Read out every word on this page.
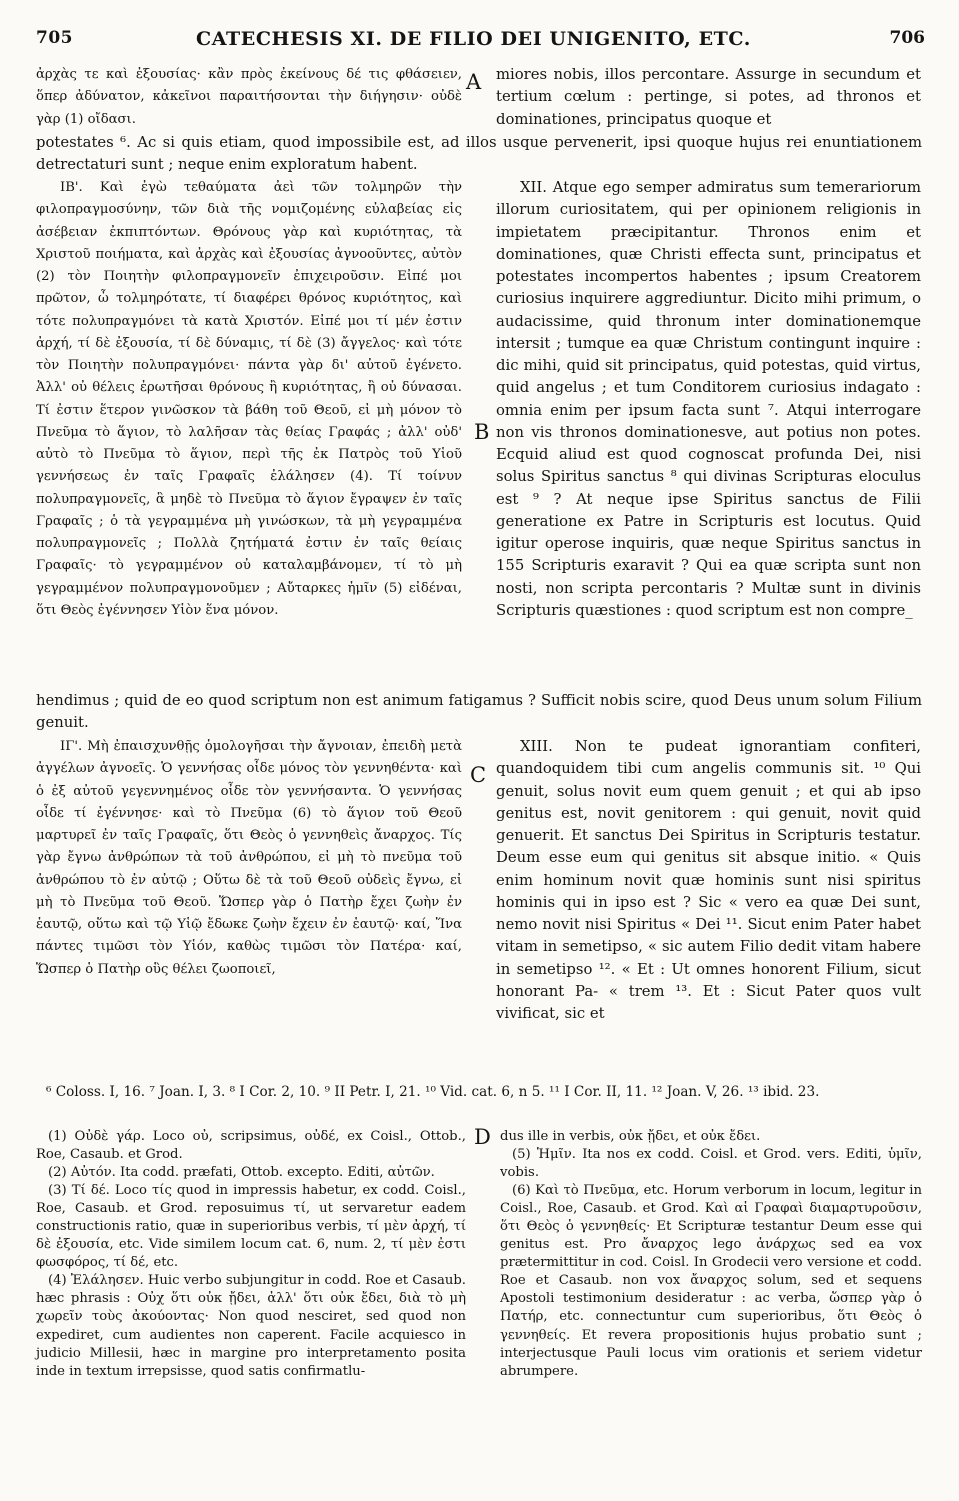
705	CATECHESIS XI. DE FILIO DEI UNIGENITO, ETC.	706
A
B
C
D
ἀρχὰς τε καὶ ἐξουσίας· κἂν πρὸς ἐκείνους δέ τις φθάσειεν, ὅπερ ἀδύνατον, κἀκεῖνοι παραιτήσονται τὴν διήγησιν· οὐδὲ γὰρ (1) οἴδασι.
miores nobis, illos percontare. Assurge in secundum et tertium cœlum : pertinge, si potes, ad thronos et dominationes, principatus quoque et
potestates ⁶. Ac si quis etiam, quod impossibile est, ad illos usque pervenerit, ipsi quoque hujus rei enuntiationem detrectaturi sunt ; neque enim exploratum habent.
ΙΒ'. Καὶ ἐγὼ τεθαύματα ἀεὶ τῶν τολμηρῶν τὴν φιλοπραγμοσύνην, τῶν διὰ τῆς νομιζομένης εὐλαβείας εἰς ἀσέβειαν ἐκπιπτόντων. Θρόνους γὰρ καὶ κυριότητας, τὰ Χριστοῦ ποιήματα, καὶ ἀρχὰς καὶ ἐξουσίας ἀγνοοῦντες, αὐτὸν (2) τὸν Ποιητὴν φιλοπραγμονεῖν ἐπιχειροῦσιν. Εἰπέ μοι πρῶτον, ὦ τολμηρότατε, τί διαφέρει θρόνος κυριότητος, καὶ τότε πολυπραγμόνει τὰ κατὰ Χριστόν. Εἰπέ μοι τί μέν ἐστιν ἀρχή, τί δὲ ἐξουσία, τί δὲ δύναμις, τί δὲ (3) ἄγγελος· καὶ τότε τὸν Ποιητὴν πολυπραγμόνει· πάντα γὰρ δι' αὐτοῦ ἐγένετο. Ἀλλ' οὐ θέλεις ἐρωτῆσαι θρόνους ἢ κυριότητας, ἢ οὐ δύνασαι. Τί ἐστιν ἕτερον γινῶσκον τὰ βάθη τοῦ Θεοῦ, εἰ μὴ μόνον τὸ Πνεῦμα τὸ ἅγιον, τὸ λαλῆσαν τὰς θείας Γραφάς ; ἀλλ' οὐδ' αὐτὸ τὸ Πνεῦμα τὸ ἅγιον, περὶ τῆς ἐκ Πατρὸς τοῦ Υἱοῦ γεννήσεως ἐν ταῖς Γραφαῖς ἐλάλησεν (4). Τί τοίνυν πολυπραγμονεῖς, ἃ μηδὲ τὸ Πνεῦμα τὸ ἅγιον ἔγραψεν ἐν ταῖς Γραφαῖς ; ὁ τὰ γεγραμμένα μὴ γινώσκων, τὰ μὴ γεγραμμένα πολυπραγμονεῖς ; Πολλὰ ζητήματά ἐστιν ἐν ταῖς θείαις Γραφαῖς· τὸ γεγραμμένον οὐ καταλαμβάνομεν, τί τὸ μὴ γεγραμμένον πολυπραγμονοῦμεν ; Αὔταρκες ἡμῖν (5) εἰδέναι, ὅτι Θεὸς ἐγέννησεν Υἱὸν ἕνα μόνον.
XII. Atque ego semper admiratus sum temerariorum illorum curiositatem, qui per opinionem religionis in impietatem præcipitantur. Thronos enim et dominationes, quæ Christi effecta sunt, principatus et potestates incompertos habentes ; ipsum Creatorem curiosius inquirere aggrediuntur. Dicito mihi primum, o audacissime, quid thronum inter dominationemque intersit ; tumque ea quæ Christum contingunt inquire : dic mihi, quid sit principatus, quid potestas, quid virtus, quid angelus ; et tum Conditorem curiosius indagato : omnia enim per ipsum facta sunt ⁷. Atqui interrogare non vis thronos dominationesve, aut potius non potes. Ecquid aliud est quod cognoscat profunda Dei, nisi solus Spiritus sanctus ⁸ qui divinas Scripturas eloculus est ⁹ ? At neque ipse Spiritus sanctus de Filii generatione ex Patre in Scripturis est locutus. Quid igitur operose inquiris, quæ neque Spiritus sanctus in 155 Scripturis exaravit ? Qui ea quæ scripta sunt non nosti, non scripta percontaris ? Multæ sunt in divinis Scripturis quæstiones : quod scriptum est non compre_
hendimus ; quid de eo quod scriptum non est animum fatigamus ? Sufficit nobis scire, quod Deus unum solum Filium genuit.
ΙΓ'. Μὴ ἐπαισχυνθῇς ὁμολογῆσαι τὴν ἄγνοιαν, ἐπειδὴ μετὰ ἀγγέλων ἀγνοεῖς. Ὁ γεννήσας οἶδε μόνος τὸν γεννηθέντα· καὶ ὁ ἐξ αὐτοῦ γεγεννημένος οἶδε τὸν γεννήσαντα. Ὁ γεννήσας οἶδε τί ἐγέννησε· καὶ τὸ Πνεῦμα (6) τὸ ἅγιον τοῦ Θεοῦ μαρτυρεῖ ἐν ταῖς Γραφαῖς, ὅτι Θεὸς ὁ γεννηθεὶς ἄναρχος. Τίς γὰρ ἔγνω ἀνθρώπων τὰ τοῦ ἀνθρώπου, εἰ μὴ τὸ πνεῦμα τοῦ ἀνθρώπου τὸ ἐν αὐτῷ ; Οὕτω δὲ τὰ τοῦ Θεοῦ οὐδεὶς ἔγνω, εἰ μὴ τὸ Πνεῦμα τοῦ Θεοῦ. Ὥσπερ γὰρ ὁ Πατὴρ ἔχει ζωὴν ἐν ἑαυτῷ, οὕτω καὶ τῷ Υἱῷ ἔδωκε ζωὴν ἔχειν ἐν ἑαυτῷ· καί, Ἵνα πάντες τιμῶσι τὸν Υἱόν, καθὼς τιμῶσι τὸν Πατέρα· καί, Ὥσπερ ὁ Πατὴρ οὓς θέλει ζωοποιεῖ,
XIII. Non te pudeat ignorantiam confiteri, quandoquidem tibi cum angelis communis sit. ¹⁰ Qui genuit, solus novit eum quem genuit ; et qui ab ipso genitus est, novit genitorem : qui genuit, novit quid genuerit. Et sanctus Dei Spiritus in Scripturis testatur. Deum esse eum qui genitus sit absque initio. « Quis enim hominum novit quæ hominis sunt nisi spiritus hominis qui in ipso est ? Sic « vero ea quæ Dei sunt, nemo novit nisi Spiritus « Dei ¹¹. Sicut enim Pater habet vitam in semetipso, « sic autem Filio dedit vitam habere in semetipso ¹². « Et : Ut omnes honorent Filium, sicut honorant Pa- « trem ¹³. Et : Sicut Pater quos vult vivificat, sic et
⁶ Coloss. I, 16. ⁷ Joan. I, 3. ⁸ I Cor. 2, 10. ⁹ II Petr. I, 21. ¹⁰ Vid. cat. 6, n 5. ¹¹ I Cor. II, 11. ¹² Joan. V, 26. ¹³ ibid. 23.

(1) Οὐδὲ γάρ. Loco οὐ, scripsimus, οὐδέ, ex Coisl., Ottob., Roe, Casaub. et Grod.

(2) Αὐτόν. Ita codd. præfati, Ottob. excepto. Editi, αὐτῶν.

(3) Τί δέ. Loco τίς quod in impressis habetur, ex codd. Coisl., Roe, Casaub. et Grod. reposuimus τί, ut servaretur eadem constructionis ratio, quæ in superioribus verbis, τί μὲν ἀρχή, τί δὲ ἐξουσία, etc. Vide similem locum cat. 6, num. 2, τί μὲν ἐστι φωσφόρος, τί δέ, etc.

(4) Ἐλάλησεν. Huic verbo subjungitur in codd. Roe et Casaub. hæc phrasis : Οὐχ ὅτι οὐκ ᾔδει, ἀλλ' ὅτι οὐκ ἔδει, διὰ τὸ μὴ χωρεῖν τοὺς ἀκούοντας· Non quod nesciret, sed quod non expediret, cum audientes non caperent. Facile acquiesco in judicio Millesii, hæc in margine pro interpretamento posita inde in textum irrepsisse, quod satis confirmatlu-

dus ille in verbis, οὐκ ᾔδει, et οὐκ ἔδει.

(5) Ἡμῖν. Ita nos ex codd. Coisl. et Grod. vers. Editi, ὑμῖν, vobis.

(6) Καὶ τὸ Πνεῦμα, etc. Horum verborum in locum, legitur in Coisl., Roe, Casaub. et Grod. Καὶ αἱ Γραφαὶ διαμαρτυροῦσιν, ὅτι Θεὸς ὁ γεννηθείς· Et Scripturæ testantur Deum esse qui genitus est. Pro ἄναρχος lego ἀνάρχως sed ea vox prætermittitur in cod. Coisl. In Grodecii vero versione et codd. Roe et Casaub. non vox ἄναρχος solum, sed et sequens Apostoli testimonium desideratur : ac verba, ὥσπερ γὰρ ὁ Πατήρ, etc. connectuntur cum superioribus, ὅτι Θεὸς ὁ γεννηθείς. Et revera propositionis hujus probatio sunt ; interjectusque Pauli locus vim orationis et seriem videtur abrumpere.
